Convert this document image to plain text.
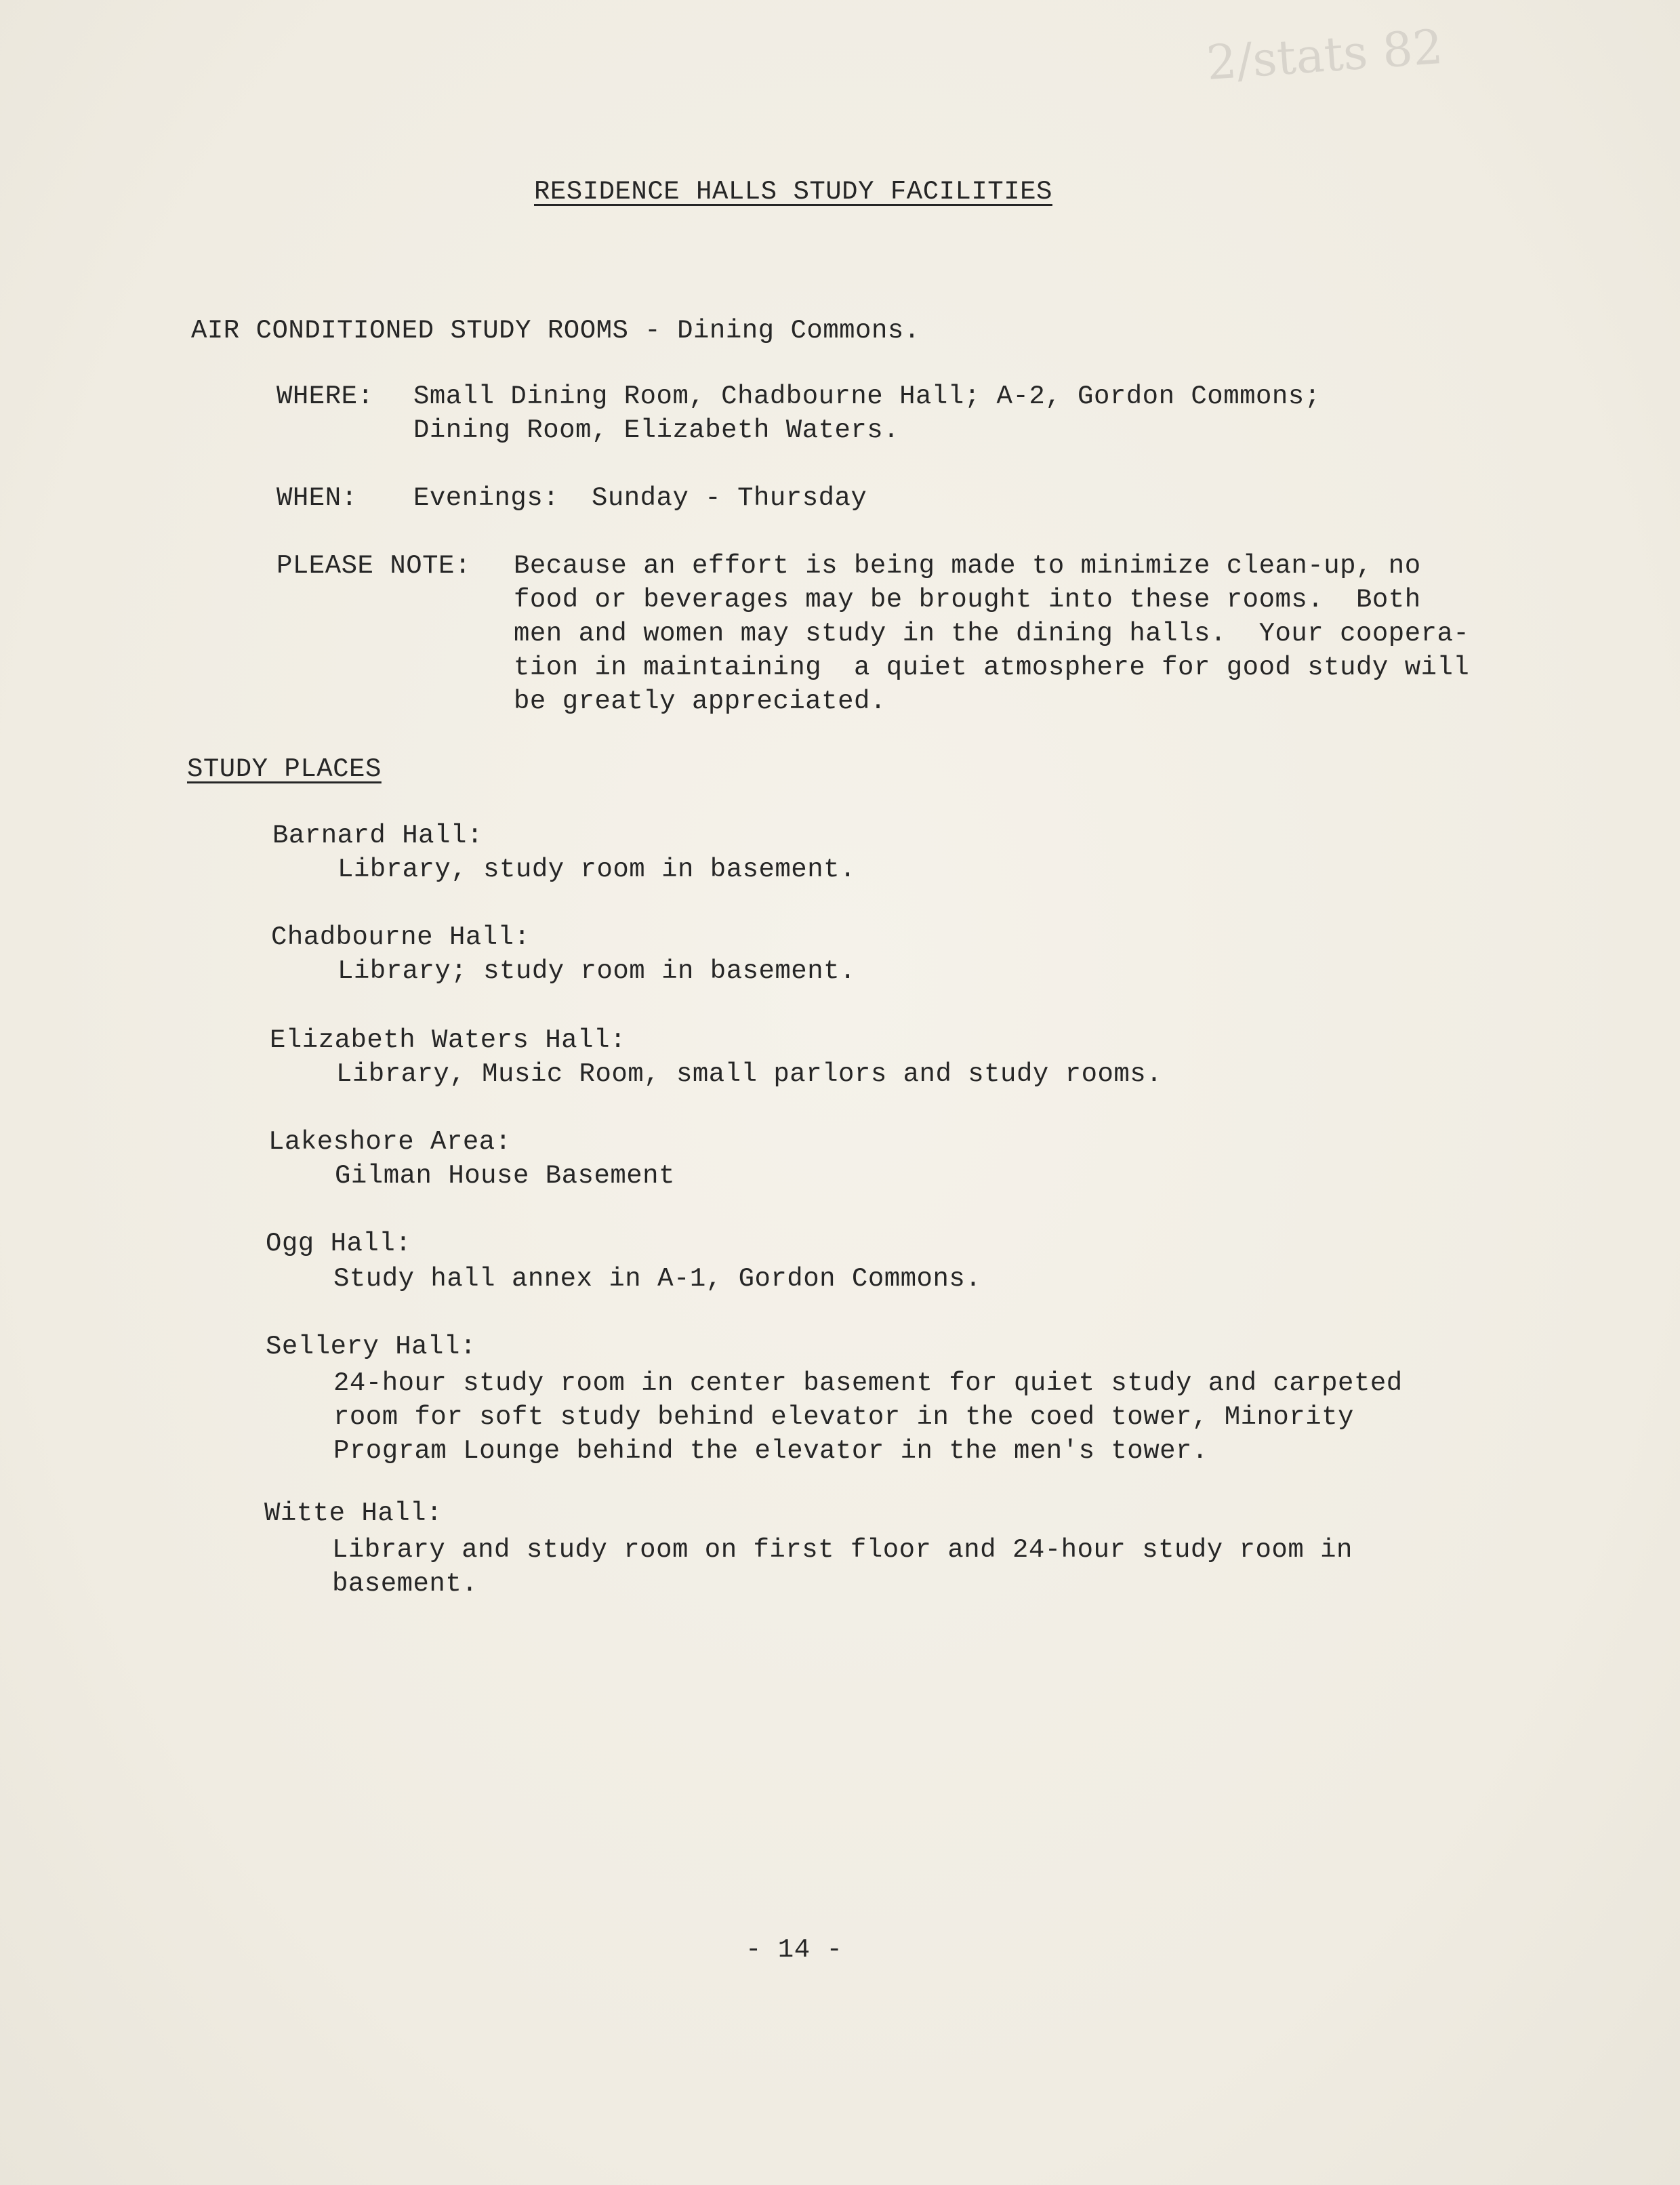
2/stats 82
RESIDENCE HALLS STUDY FACILITIES
AIR CONDITIONED STUDY ROOMS - Dining Commons.
WHERE: Small Dining Room, Chadbourne Hall; A-2, Gordon Commons;
Dining Room, Elizabeth Waters.
WHEN: Evenings:  Sunday - Thursday
PLEASE NOTE: Because an effort is being made to minimize clean-up, no
food or beverages may be brought into these rooms.  Both
men and women may study in the dining halls.  Your coopera-
tion in maintaining  a quiet atmosphere for good study will
be greatly appreciated.
STUDY PLACES
Barnard Hall:
Library, study room in basement.
Chadbourne Hall:
Library; study room in basement.
Elizabeth Waters Hall:
Library, Music Room, small parlors and study rooms.
Lakeshore Area:
Gilman House Basement
Ogg Hall:
Study hall annex in A-1, Gordon Commons.
Sellery Hall:
24-hour study room in center basement for quiet study and carpeted
room for soft study behind elevator in the coed tower, Minority
Program Lounge behind the elevator in the men's tower.
Witte Hall:
Library and study room on first floor and 24-hour study room in
basement.
- 14 -
